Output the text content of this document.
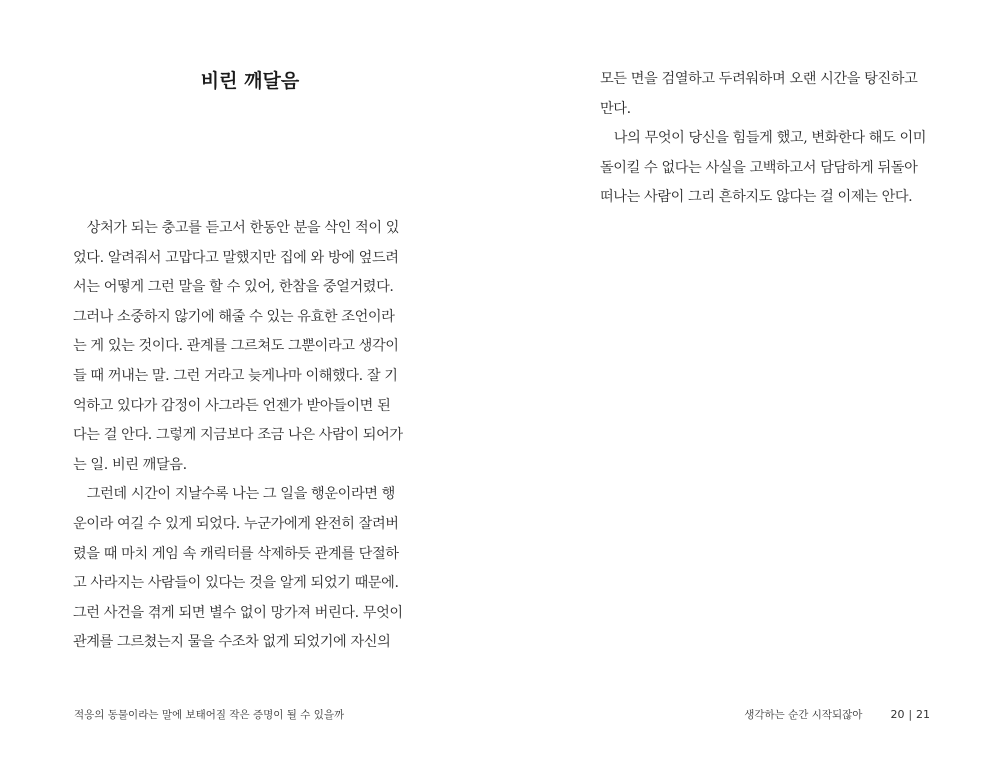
비린 깨달음
　상처가 되는 충고를 듣고서 한동안 분을 삭인 적이 있
었다. 알려줘서 고맙다고 말했지만 집에 와 방에 엎드려
서는 어떻게 그런 말을 할 수 있어, 한참을 중얼거렸다.
그러나 소중하지 않기에 해줄 수 있는 유효한 조언이라
는 게 있는 것이다. 관계를 그르쳐도 그뿐이라고 생각이
들 때 꺼내는 말. 그런 거라고 늦게나마 이해했다. 잘 기
억하고 있다가 감정이 사그라든 언젠가 받아들이면 된
다는 걸 안다. 그렇게 지금보다 조금 나은 사람이 되어가
는 일. 비린 깨달음.
　그런데 시간이 지날수록 나는 그 일을 행운이라면 행
운이라 여길 수 있게 되었다. 누군가에게 완전히 잘려버
렸을 때 마치 게임 속 캐릭터를 삭제하듯 관계를 단절하
고 사라지는 사람들이 있다는 것을 알게 되었기 때문에.
그런 사건을 겪게 되면 별수 없이 망가져 버린다. 무엇이
관계를 그르쳤는지 물을 수조차 없게 되었기에 자신의
적응의 동물이라는 말에 보태어질 작은 증명이 될 수 있을까
모든 면을 검열하고 두려워하며 오랜 시간을 탕진하고
만다.
　나의 무엇이 당신을 힘들게 했고, 변화한다 해도 이미
돌이킬 수 없다는 사실을 고백하고서 담담하게 뒤돌아
떠나는 사람이 그리 흔하지도 않다는 걸 이제는 안다.
생각하는 순간 시작되잖아	20 | 21
